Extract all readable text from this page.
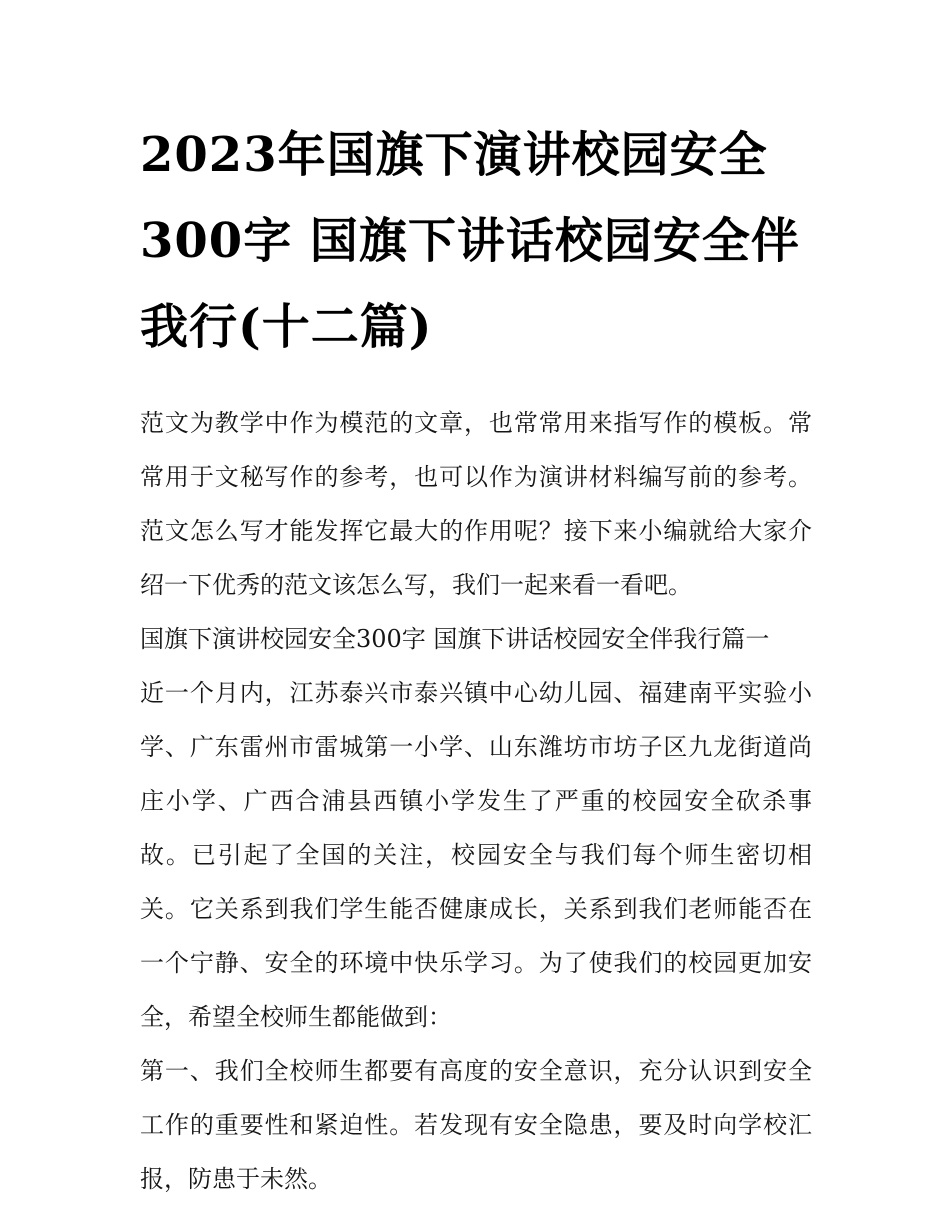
2023年国旗下演讲校园安全
300字 国旗下讲话校园安全伴
我行(十二篇)

范文为教学中作为模范的文章，也常常用来指写作的模板。常
常用于文秘写作的参考，也可以作为演讲材料编写前的参考。
范文怎么写才能发挥它最大的作用呢？接下来小编就给大家介
绍一下优秀的范文该怎么写，我们一起来看一看吧。

国旗下演讲校园安全300字 国旗下讲话校园安全伴我行篇一

近一个月内，江苏泰兴市泰兴镇中心幼儿园、福建南平实验小
学、广东雷州市雷城第一小学、山东潍坊市坊子区九龙街道尚
庄小学、广西合浦县西镇小学发生了严重的校园安全砍杀事
故。已引起了全国的关注，校园安全与我们每个师生密切相
关。它关系到我们学生能否健康成长，关系到我们老师能否在
一个宁静、安全的环境中快乐学习。为了使我们的校园更加安
全，希望全校师生都能做到：

第一、我们全校师生都要有高度的安全意识，充分认识到安全
工作的重要性和紧迫性。若发现有安全隐患，要及时向学校汇
报，防患于未然。
